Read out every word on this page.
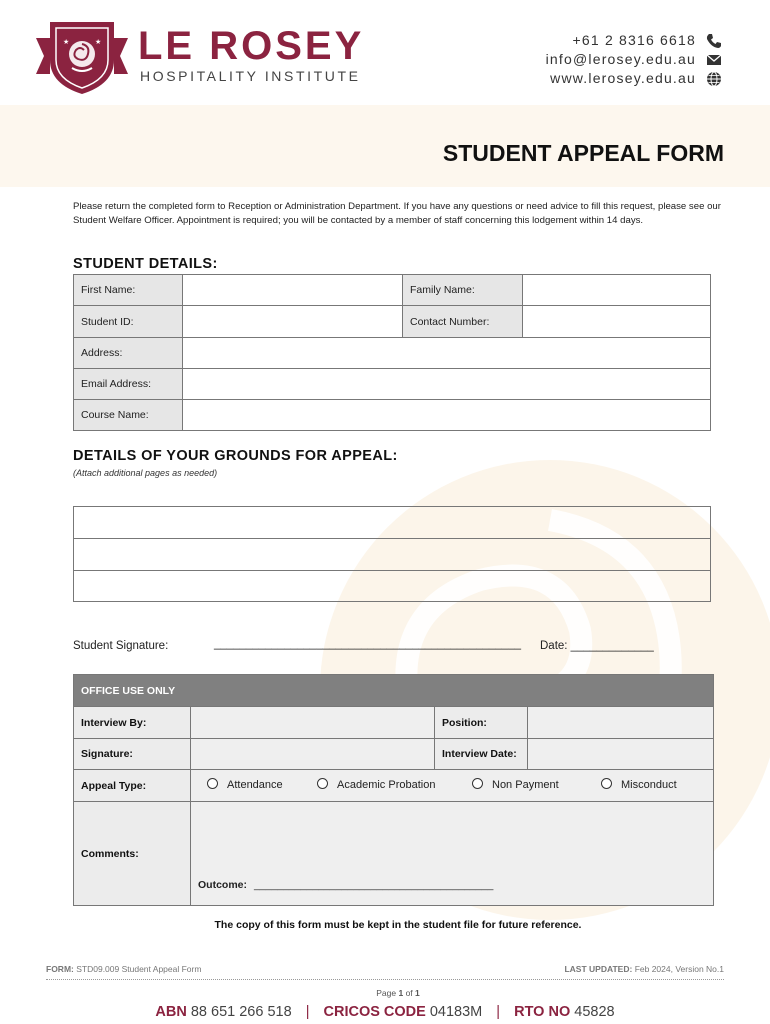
★	★ LE ROSEY
HOSPITALITY INSTITUTE
+61 2 8316 6618
info@lerosey.edu.au
www.lerosey.edu.au
STUDENT APPEAL FORM
Please return the completed form to Reception or Administration Department. If you have any questions or need advice to fill this request, please see our Student Welfare Officer. Appointment is required; you will be contacted by a member of staff concerning this lodgement within 14 days.
STUDENT DETAILS:
First Name:		Family Name:	
Student ID:		Contact Number:	
Address:			
Email Address:			
Course Name:			
DETAILS OF YOUR GROUNDS FOR APPEAL:
(Attach additional pages as needed)

Student Signature:	________________________________________________ Date: _____________
OFFICE USE ONLY			
Interview By:		Position:	
Signature:		Interview Date:	
Appeal Type:	Attendance Academic Probation Non Payment Misconduct		

Comments:	Outcome: _________________________________________		
The copy of this form must be kept in the student file for future reference.
FORM: STD09.009 Student Appeal Form	LAST UPDATED: Feb 2024, Version No.1
Page 1 of 1
ABN 88 651 266 518 | CRICOS CODE 04183M | RTO NO 45828
